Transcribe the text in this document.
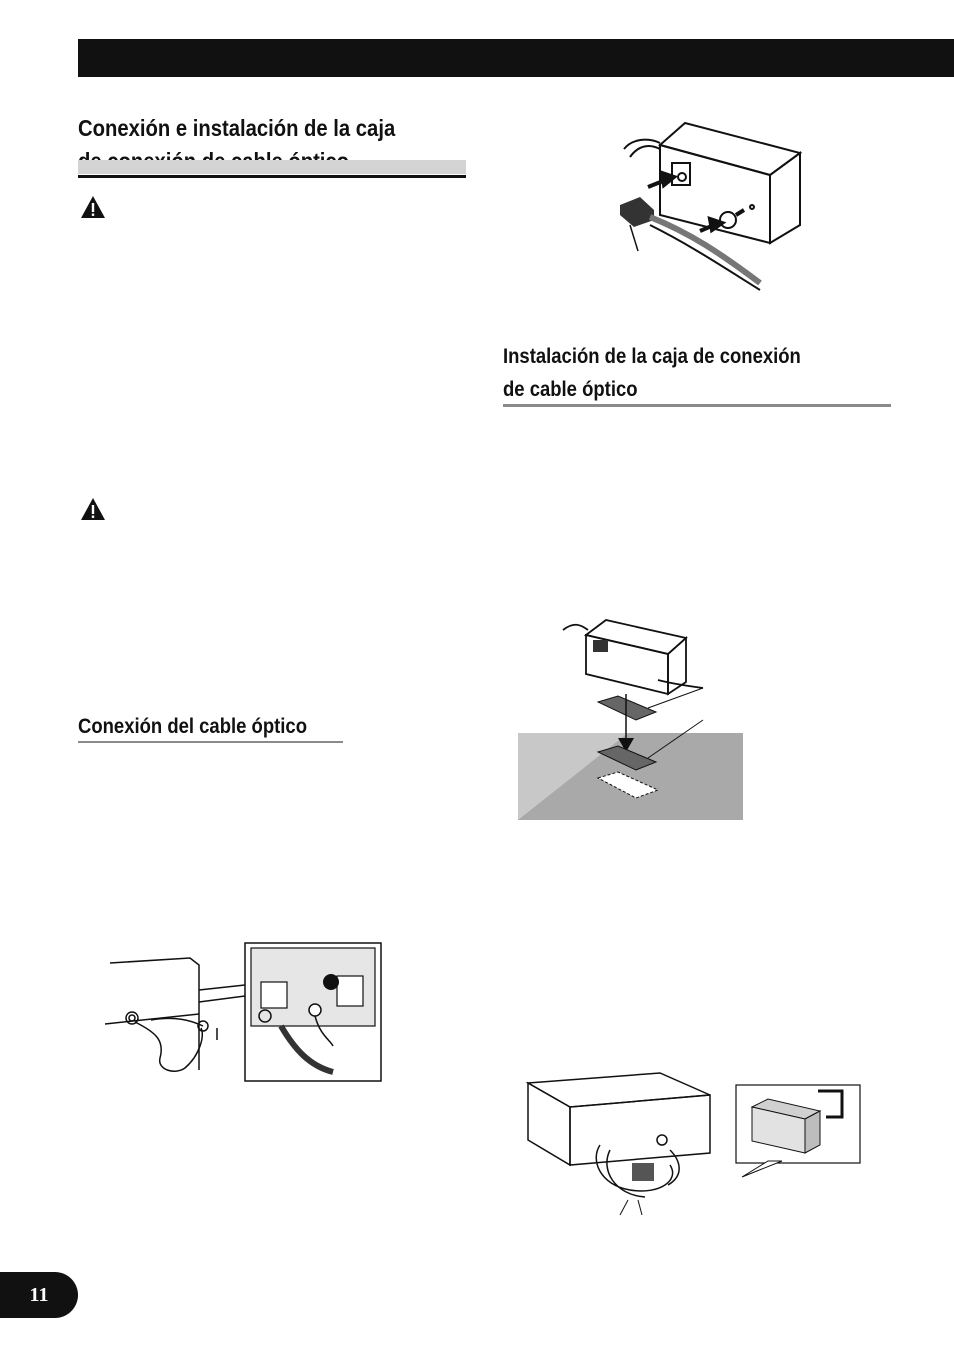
Conexión e instalación de la caja
Conexión del cable óptico
Instalación de la caja de conexión
de cable óptico
11
